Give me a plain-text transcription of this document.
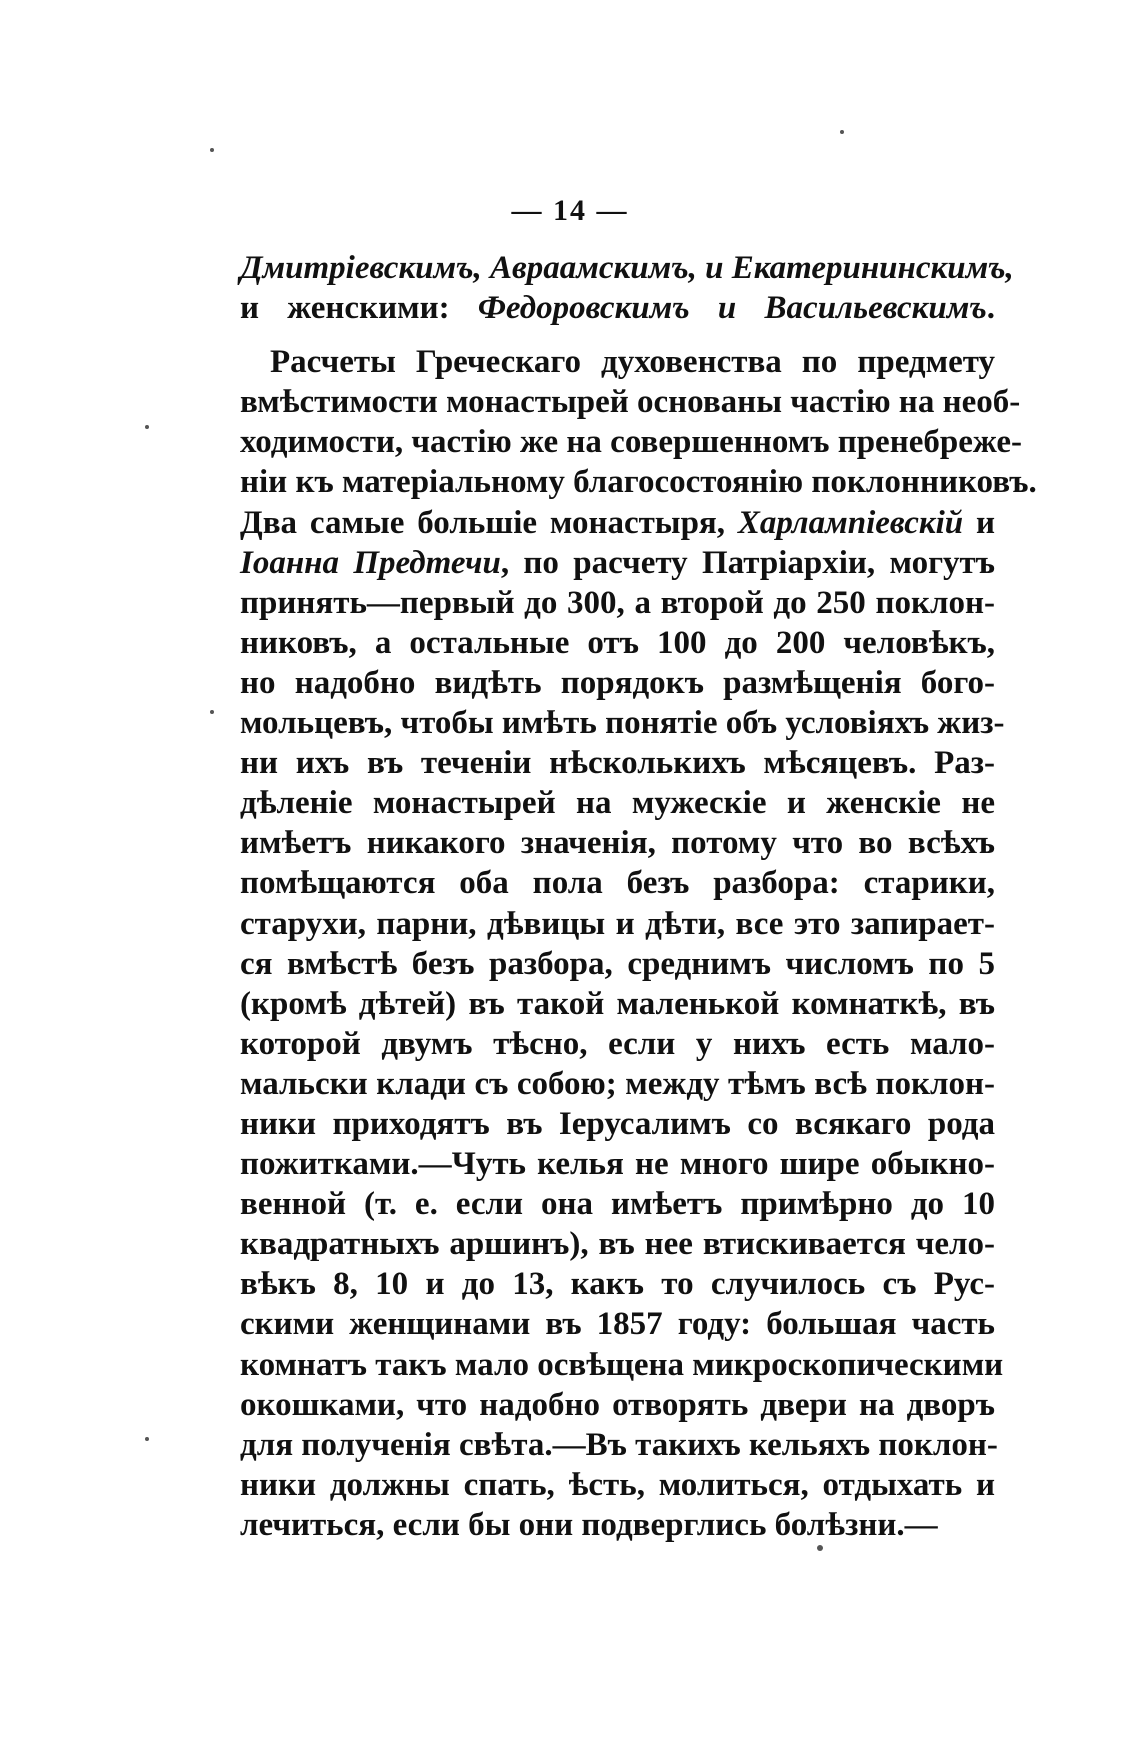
— 14 —

Дмитріевскимъ, Авраамскимъ, и Екатерининскимъ,
и женскими: Федоровскимъ и Васильевскимъ.
Расчеты Греческаго духовенства по предмету
вмѣстимости монастырей основаны частію на необ-
ходимости, частію же на совершенномъ пренебреже-
ніи къ матеріальному благосостоянію поклонниковъ.
Два самые большіе монастыря, Харлампіевскій и
Іоанна Предтечи, по расчету Патріархіи, могутъ
принять—первый до 300, а второй до 250 поклон-
никовъ, а остальные отъ 100 до 200 человѣкъ,
но надобно видѣть порядокъ размѣщенія бого-
мольцевъ, чтобы имѣть понятіе объ условіяхъ жиз-
ни ихъ въ теченіи нѣсколькихъ мѣсяцевъ. Раз-
дѣленіе монастырей на мужескіе и женскіе не
имѣетъ никакого значенія, потому что во всѣхъ
помѣщаются оба пола безъ разбора: старики,
старухи, парни, дѣвицы и дѣти, все это запирает-
ся вмѣстѣ безъ разбора, среднимъ числомъ по 5
(кромѣ дѣтей) въ такой маленькой комнаткѣ, въ
которой двумъ тѣсно, если у нихъ есть мало-
мальски клади съ собою; между тѣмъ всѣ поклон-
ники приходятъ въ Іерусалимъ со всякаго рода
пожитками.—Чуть келья не много шире обыкно-
венной (т. е. если она имѣетъ примѣрно до 10
квадратныхъ аршинъ), въ нее втискивается чело-
вѣкъ 8, 10 и до 13, какъ то случилось съ Рус-
скими женщинами въ 1857 году: большая часть
комнатъ такъ мало освѣщена микроскопическими
окошками, что надобно отворять двери на дворъ
для полученія свѣта.—Въ такихъ кельяхъ поклон-
ники должны спать, ѣсть, молиться, отдыхать и
лечиться, если бы они подверглись болѣзни.—
